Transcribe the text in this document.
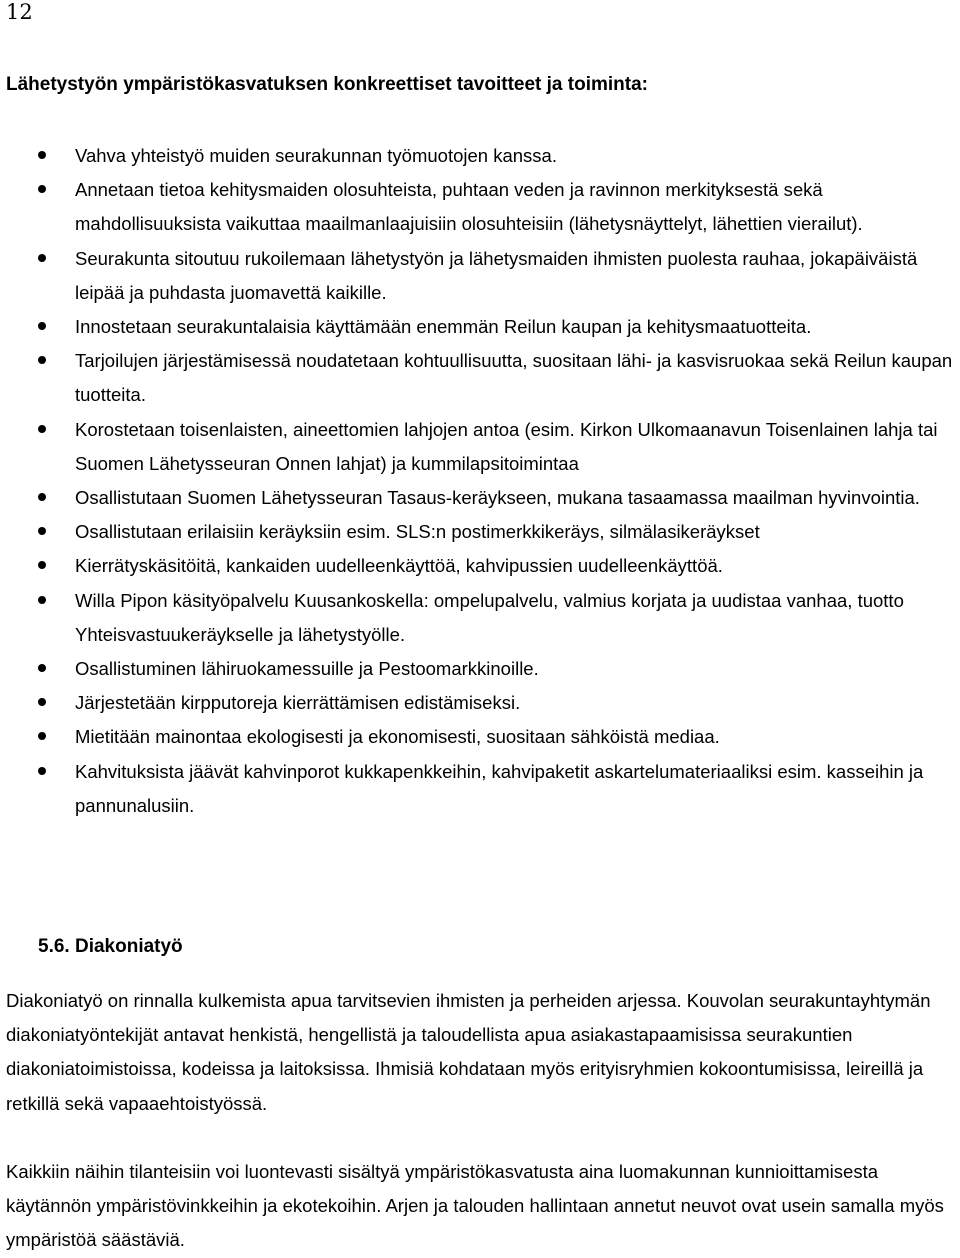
12
Lähetystyön ympäristökasvatuksen konkreettiset tavoitteet ja toiminta:
Vahva yhteistyö muiden seurakunnan työmuotojen kanssa.
Annetaan tietoa kehitysmaiden olosuhteista, puhtaan veden ja ravinnon merkityksestä sekä mahdollisuuksista vaikuttaa maailmanlaajuisiin olosuhteisiin (lähetysnäyttelyt, lähettien vierailut).
Seurakunta sitoutuu rukoilemaan lähetystyön ja lähetysmaiden ihmisten puolesta rauhaa, jokapäiväistä leipää ja puhdasta juomavettä kaikille.
Innostetaan seurakuntalaisia käyttämään enemmän Reilun kaupan ja kehitysmaatuotteita.
Tarjoilujen järjestämisessä noudatetaan kohtuullisuutta, suositaan lähi- ja kasvisruokaa sekä Reilun kaupan tuotteita.
Korostetaan toisenlaisten, aineettomien lahjojen antoa (esim. Kirkon Ulkomaanavun Toisenlainen lahja tai Suomen Lähetysseuran Onnen lahjat) ja kummilapsitoimintaa
Osallistutaan Suomen Lähetysseuran Tasaus-keräykseen, mukana tasaamassa maailman hyvinvointia.
Osallistutaan erilaisiin keräyksiin esim. SLS:n postimerkkikeräys, silmälasikeräykset
Kierrätyskäsitöitä, kankaiden uudelleenkäyttöä, kahvipussien uudelleenkäyttöä.
Willa Pipon käsityöpalvelu Kuusankoskella: ompelupalvelu, valmius korjata ja uudistaa vanhaa, tuotto Yhteisvastuukeräykselle ja lähetystyölle.
Osallistuminen lähiruokamessuille ja Pestoomarkkinoille.
Järjestetään kirpputoreja kierrättämisen edistämiseksi.
Mietitään mainontaa ekologisesti ja ekonomisesti, suositaan sähköistä mediaa.
Kahvituksista jäävät kahvinporot kukkapenkkeihin, kahvipaketit askartelumateriaaliksi esim. kasseihin ja pannunalusiin.
5.6. Diakoniatyö

Diakoniatyö on rinnalla kulkemista apua tarvitsevien ihmisten ja perheiden arjessa. Kouvolan seurakuntayhtymän diakoniatyöntekijät antavat henkistä, hengellistä ja taloudellista apua asiakastapaamisissa seurakuntien diakoniatoimistoissa, kodeissa ja laitoksissa. Ihmisiä kohdataan myös erityisryhmien kokoontumisissa, leireillä ja retkillä sekä vapaaehtoistyössä.

Kaikkiin näihin tilanteisiin voi luontevasti sisältyä ympäristökasvatusta aina luomakunnan kunnioittamisesta käytännön ympäristövinkkeihin ja ekotekoihin. Arjen ja talouden hallintaan annetut neuvot ovat usein samalla myös ympäristöä säästäviä.
